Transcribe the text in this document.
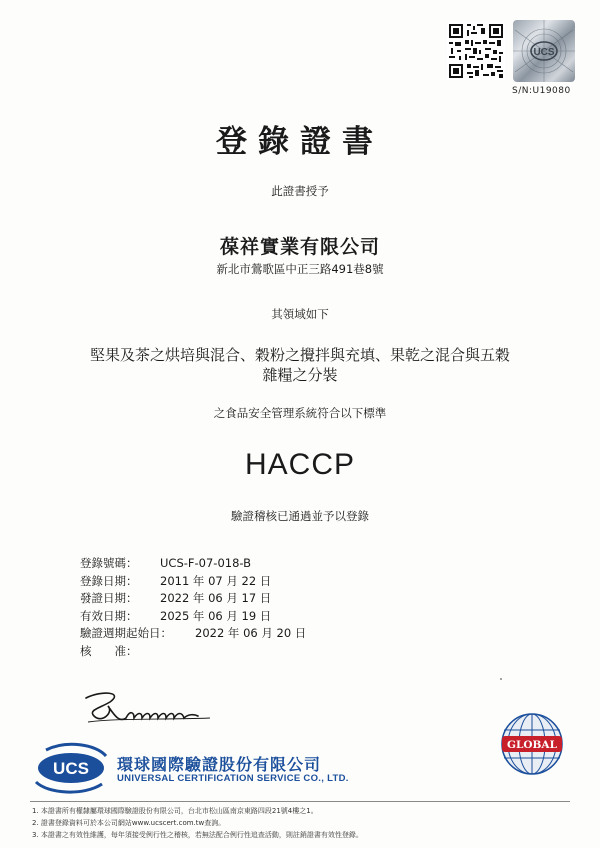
UCS
S/N:U19080
登錄證書
此證書授予
葆祥實業有限公司
新北市鶯歌區中正三路491巷8號
其領域如下
堅果及茶之烘培與混合、穀粉之攪拌與充填、果乾之混合與五穀
雜糧之分裝
之食品安全管理系統符合以下標準
HACCP
驗證稽核已通過並予以登錄
登錄號碼：	UCS-F-07-018-B
登錄日期：	2011 年 07 月 22 日
發證日期：	2022 年 06 月 17 日
有效日期：	2025 年 06 月 19 日
驗證週期起始日：	2022 年 06 月 20 日
核　　准：
UCS 環球國際驗證股份有限公司
UNIVERSAL CERTIFICATION SERVICE CO., LTD.
GLOBAL
1. 本證書所有權隸屬環球國際驗證股份有限公司，台北市松山區南京東路四段21號4樓之1。
2. 證書登錄資料可於本公司網站www.ucscert.com.tw查詢。
3. 本證書之有效性維護，每年須接受例行性之稽核，若無法配合例行性追查活動，則註銷證書有效性登錄。
